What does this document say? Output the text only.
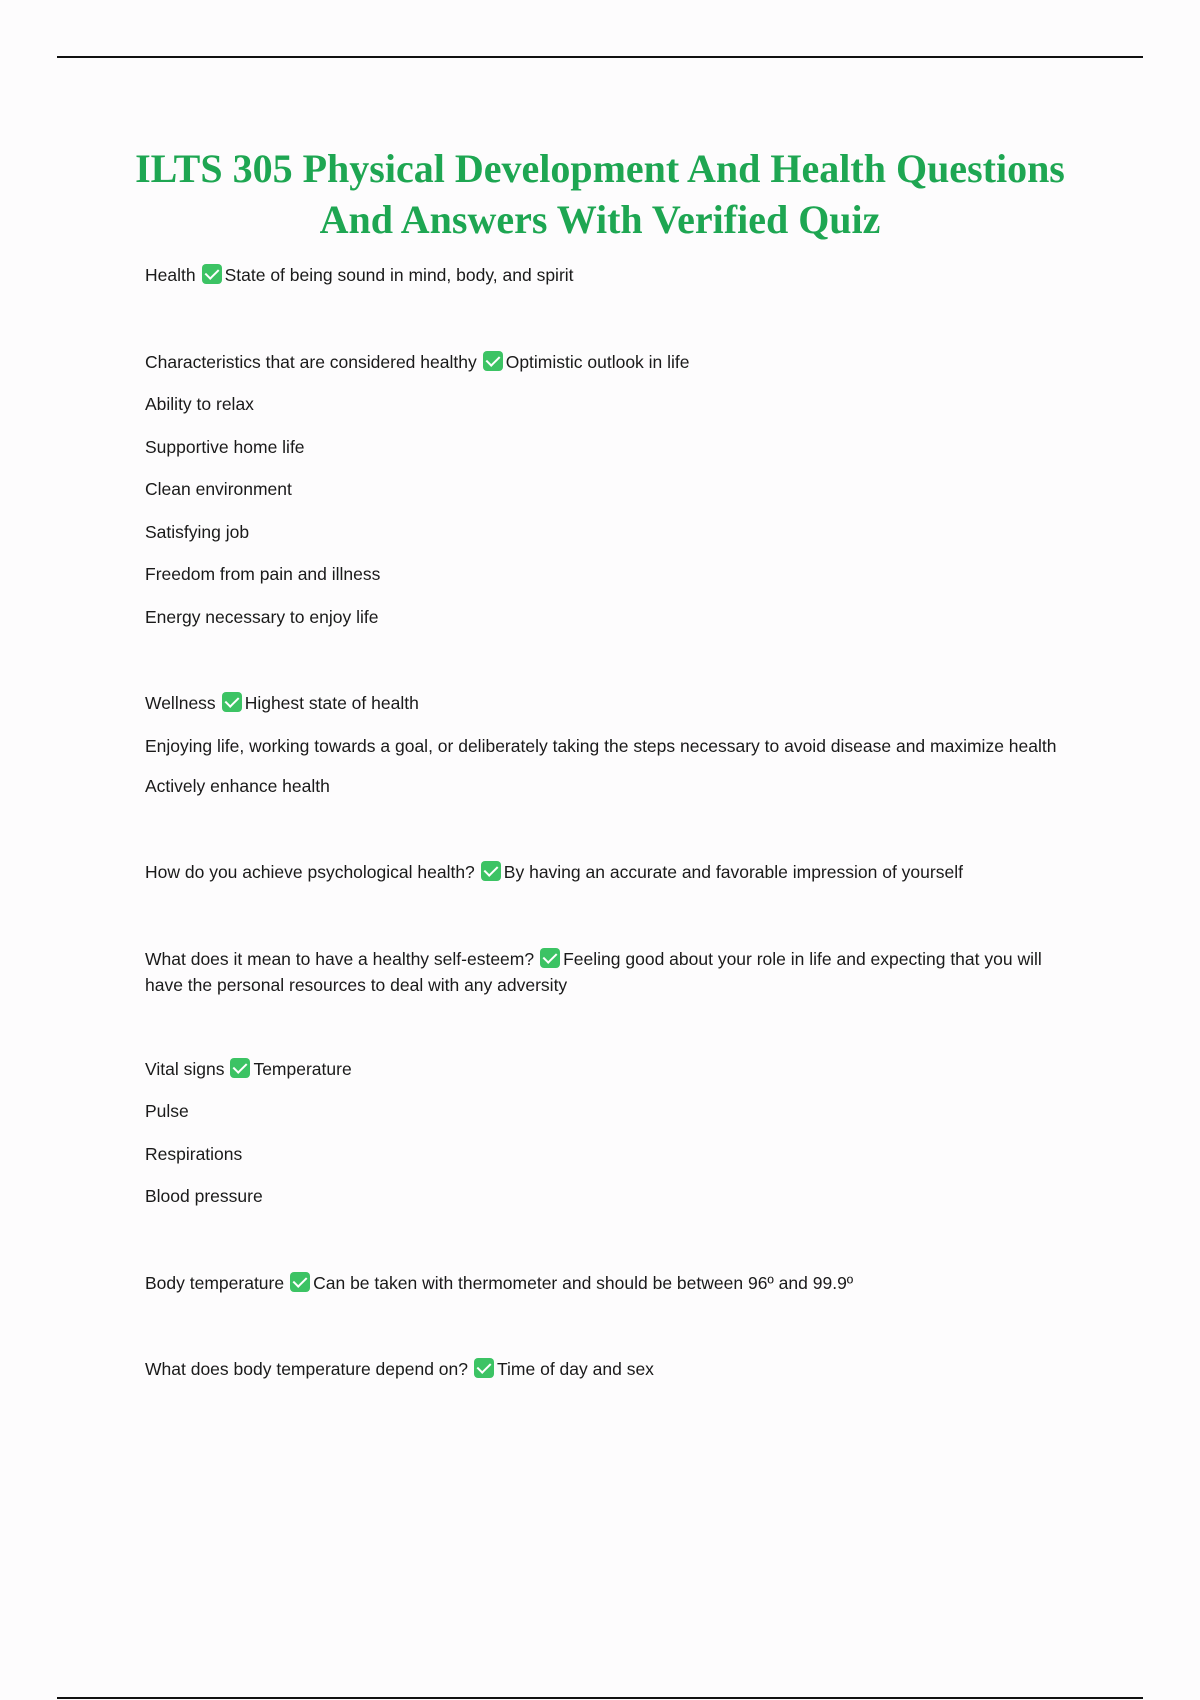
ILTS 305 Physical Development And Health Questions And Answers With Verified Quiz
Health State of being sound in mind, body, and spirit
Characteristics that are considered healthy Optimistic outlook in life
Ability to relax
Supportive home life
Clean environment
Satisfying job
Freedom from pain and illness
Energy necessary to enjoy life
Wellness Highest state of health
Enjoying life, working towards a goal, or deliberately taking the steps necessary to avoid disease and maximize health
Actively enhance health
How do you achieve psychological health? By having an accurate and favorable impression of yourself
What does it mean to have a healthy self-esteem? Feeling good about your role in life and expecting that you will have the personal resources to deal with any adversity
Vital signs Temperature
Pulse
Respirations
Blood pressure
Body temperature Can be taken with thermometer and should be between 96º and 99.9º
What does body temperature depend on? Time of day and sex
